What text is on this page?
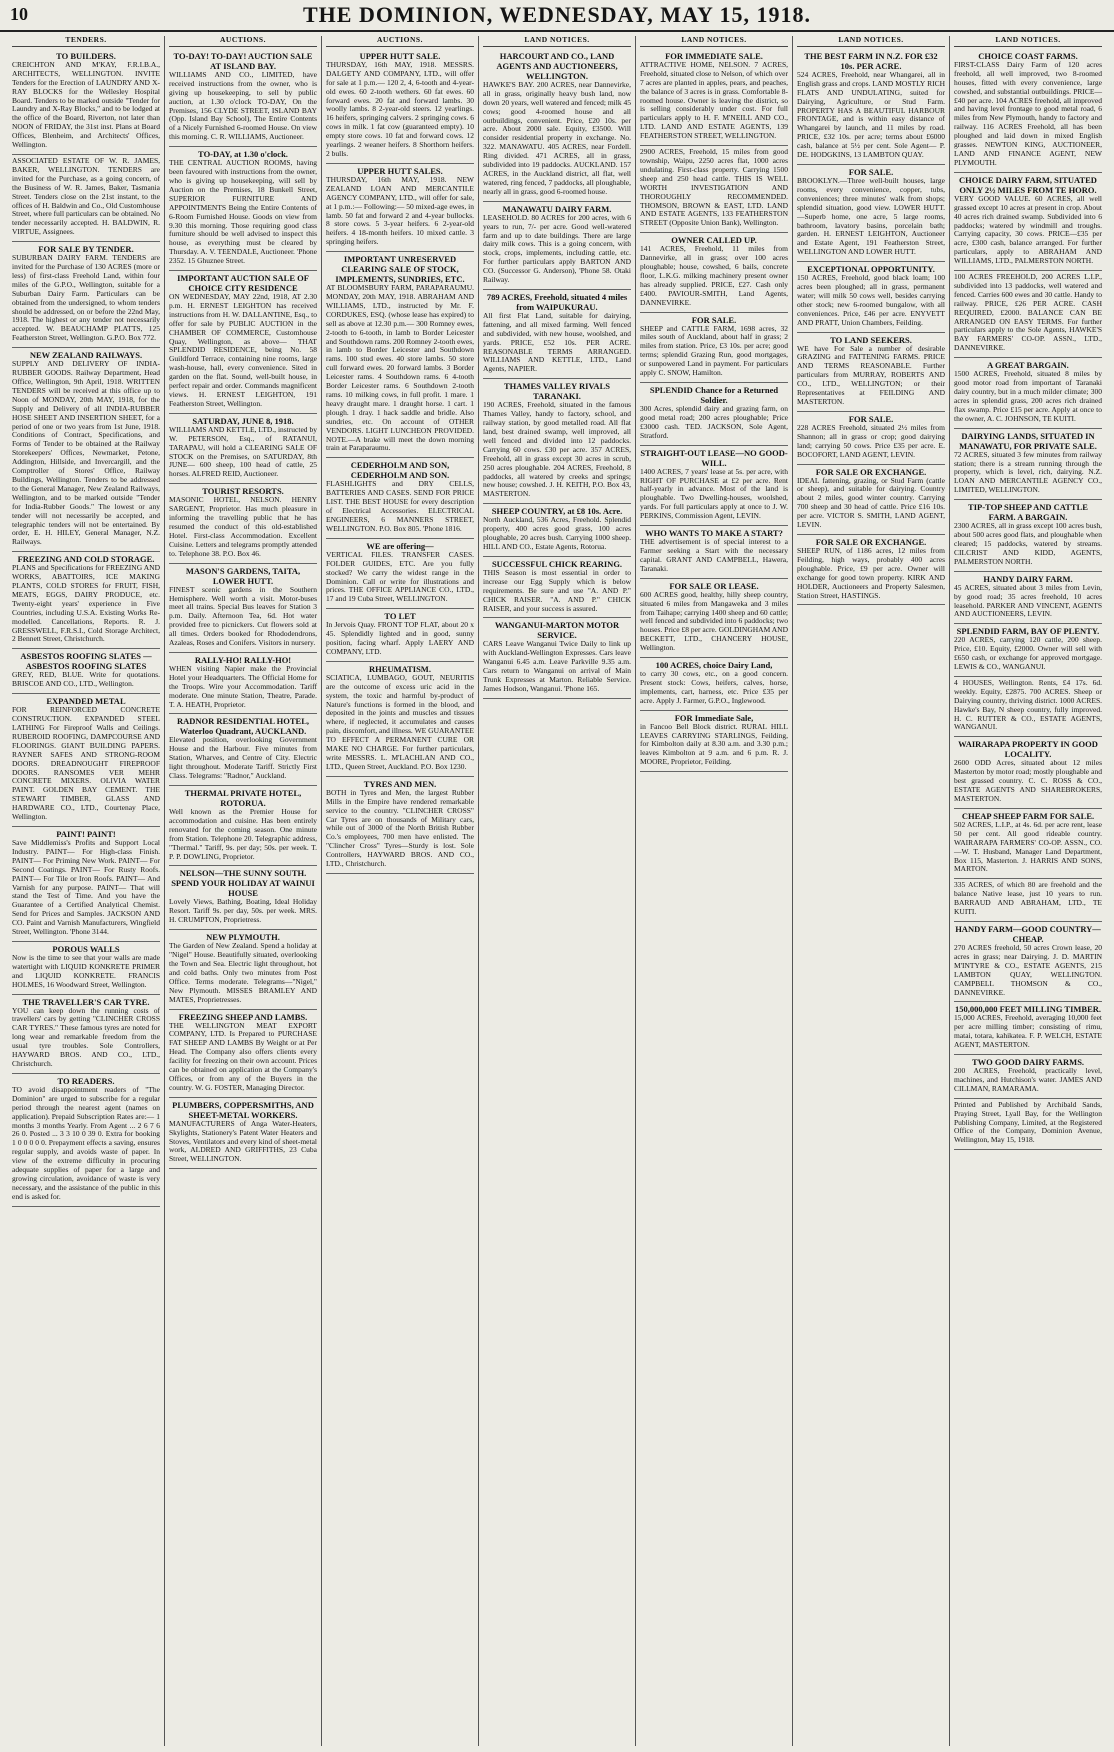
10	THE DOMINION, WEDNESDAY, MAY 15, 1918.
TENDERS.
TO BUILDERS.

CREICHTON AND M'KAY, F.R.I.B.A., ARCHITECTS, WELLINGTON. INVITE Tenders for the Erection of LAUNDRY AND X-RAY BLOCKS for the Wellesley Hospital Board. Tenders to be marked outside "Tender for Laundry and X-Ray Blocks," and to be lodged at the office of the Board, Riverton, not later than NOON of FRIDAY, the 31st inst. Plans at Board Offices, Blenheim, and Architects' Offices, Wellington.

ASSOCIATED ESTATE OF W. R. JAMES, BAKER, WELLINGTON. TENDERS are invited for the Purchase, as a going concern, of the Business of W. R. James, Baker, Tasmania Street. Tenders close on the 21st instant, to the offices of H. Baldwin and Co., Old Customhouse Street, where full particulars can be obtained. No tender necessarily accepted. H. BALDWIN, R. VIRTUE, Assignees.

FOR SALE BY TENDER.

SUBURBAN DAIRY FARM. TENDERS are invited for the Purchase of 130 ACRES (more or less) of first-class Freehold Land, within four miles of the G.P.O., Wellington, suitable for a Suburban Dairy Farm. Particulars can be obtained from the undersigned, to whom tenders should be addressed, on or before the 22nd May, 1918. The highest or any tender not necessarily accepted. W. BEAUCHAMP PLATTS, 125 Featherston Street, Wellington. G.P.O. Box 772.

NEW ZEALAND RAILWAYS.

SUPPLY AND DELIVERY OF INDIA-RUBBER GOODS. Railway Department, Head Office, Wellington, 9th April, 1918. WRITTEN TENDERS will be received at this office up to Noon of MONDAY, 20th MAY, 1918, for the Supply and Delivery of all INDIA-RUBBER HOSE SHEET AND INSERTION SHEET, for a period of one or two years from 1st June, 1918. Conditions of Contract, Specifications, and Forms of Tender to be obtained at the Railway Storekeepers' Offices, Newmarket, Petone, Addington, Hillside, and Invercargill, and the Comptroller of Stores' Office, Railway Buildings, Wellington. Tenders to be addressed to the General Manager, New Zealand Railways, Wellington, and to be marked outside "Tender for India-Rubber Goods." The lowest or any tender will not necessarily be accepted, and telegraphic tenders will not be entertained. By order, E. H. HILEY, General Manager, N.Z. Railways.

FREEZING AND COLD STORAGE.

PLANS and Specifications for FREEZING AND WORKS, ABATTOIRS, ICE MAKING PLANTS, COLD STORES for FRUIT, FISH, MEATS, EGGS, DAIRY PRODUCE, etc. Twenty-eight years' experience in Five Countries, including U.S.A. Existing Works Re-modelled. Cancellations, Reports. R. J. GRESSWELL, F.R.S.I., Cold Storage Architect, 2 Bennett Street, Christchurch.

ASBESTOS ROOFING SLATES — ASBESTOS ROOFING SLATES

GREY, RED, BLUE. Write for quotations. BRISCOE AND CO., LTD., Wellington.

EXPANDED METAL

FOR REINFORCED CONCRETE CONSTRUCTION. EXPANDED STEEL LATHING For Fireproof Walls and Ceilings. RUBEROID ROOFING, DAMPCOURSE AND FLOORINGS. GIANT BUILDING PAPERS. RAYNER SAFES AND STRONG-ROOM DOORS. DREADNOUGHT FIREPROOF DOORS. RANSOMES VER MEHR CONCRETE MIXERS. OLIVIA WATER PAINT. GOLDEN BAY CEMENT. THE STEWART TIMBER, GLASS AND HARDWARE CO., LTD., Courtenay Place, Wellington.

PAINT! PAINT!

Save Middlemiss's Profits and Support Local Industry. PAINT— For High-class Finish. PAINT— For Priming New Work. PAINT— For Second Coatings. PAINT— For Rusty Roofs. PAINT— For Tile or Iron Roofs. PAINT— And Varnish for any purpose. PAINT— That will stand the Test of Time. And you have the Guarantee of a Certified Analytical Chemist. Send for Prices and Samples. JACKSON AND CO. Paint and Varnish Manufacturers, Wingfield Street, Wellington. 'Phone 3144.

POROUS WALLS

Now is the time to see that your walls are made watertight with LIQUID KONKRETE PRIMER and LIQUID KONKRETE. FRANCIS HOLMES, 16 Woodward Street, Wellington.

THE TRAVELLER'S CAR TYRE.

YOU can keep down the running costs of travellers' cars by getting "CLINCHER CROSS CAR TYRES." These famous tyres are noted for long wear and remarkable freedom from the usual tyre troubles. Sole Controllers, HAYWARD BROS. AND CO., LTD., Christchurch.

TO READERS.

TO avoid disappointment readers of "The Dominion" are urged to subscribe for a regular period through the nearest agent (names on application). Prepaid Subscription Rates are:— 1 months 3 months Yearly. From Agent ... 2 6 7 6 26 0. Posted ... 3 3 10 0 39 0. Extra for booking 1 0 0 0 0 0. Prepayment effects a saving, ensures regular supply, and avoids waste of paper. In view of the extreme difficulty in procuring adequate supplies of paper for a large and growing circulation, avoidance of waste is very necessary, and the assistance of the public in this end is asked for.

AUCTIONS.
TO-DAY! TO-DAY! AUCTION SALE AT ISLAND BAY.

WILLIAMS AND CO., LIMITED, have received instructions from the owner, who is giving up housekeeping, to sell by public auction, at 1.30 o'clock TO-DAY, On the Premises, 156 CLYDE STREET, ISLAND BAY (Opp. Island Bay School), The Entire Contents of a Nicely Furnished 6-roomed House. On view this morning. C. R. WILLIAMS, Auctioneer.

TO-DAY, at 1.30 o'clock.

THE CENTRAL AUCTION ROOMS, having been favoured with instructions from the owner, who is giving up housekeeping, will sell by Auction on the Premises, 18 Bunkell Street, SUPERIOR FURNITURE AND APPOINTMENTS Being the Entire Contents of 6-Room Furnished House. Goods on view from 9.30 this morning. Those requiring good class furniture should be well advised to inspect this house, as everything must be cleared by Thursday. A. V. TEENDALE, Auctioneer. 'Phone 2352. 15 Ghuznee Street.

IMPORTANT AUCTION SALE OF CHOICE CITY RESIDENCE

ON WEDNESDAY, MAY 22nd, 1918, AT 2.30 p.m. H. ERNEST LEIGHTON has received instructions from H. W. DALLANTINE, Esq., to offer for sale by PUBLIC AUCTION in the CHAMBER OF COMMERCE, Customhouse Quay, Wellington, as above— THAT SPLENDID RESIDENCE, being No. 58 Guildford Terrace, containing nine rooms, large wash-house, hall, every convenience. Sited in garden on the flat. Sound, well-built house, in perfect repair and order. Commands magnificent views. H. ERNEST LEIGHTON, 191 Featherston Street, Wellington.

SATURDAY, JUNE 8, 1918.

WILLIAMS AND KETTLE, LTD., instructed by W. PETERSON, Esq., of RATANUI, TARAPAU, will hold a CLEARING SALE OF STOCK on the Premises, on SATURDAY, 8th JUNE— 600 sheep, 100 head of cattle, 25 horses. ALFRED REID, Auctioneer.

TOURIST RESORTS.

MASONIC HOTEL, NELSON. HENRY SARGENT, Proprietor. Has much pleasure in informing the travelling public that he has resumed the conduct of this old-established Hotel. First-class Accommodation. Excellent Cuisine. Letters and telegrams promptly attended to. Telephone 38. P.O. Box 46.

MASON'S GARDENS, TAITA, LOWER HUTT.

FINEST scenic gardens in the Southern Hemisphere. Well worth a visit. Motor-buses meet all trains. Special Bus leaves for Station 3 p.m. Daily. Afternoon Tea, 6d. Hot water provided free to picnickers. Cut flowers sold at all times. Orders booked for Rhododendrons, Azaleas, Roses and Conifers. Visitors in nursery.

RALLY-HO! RALLY-HO!

WHEN visiting Napier make the Provincial Hotel your Headquarters. The Official Home for the Troops. Wire your Accommodation. Tariff moderate. One minute Station, Theatre, Parade. T. A. HEATH, Proprietor.

RADNOR RESIDENTIAL HOTEL, Waterloo Quadrant, AUCKLAND.

Elevated position, overlooking Government House and the Harbour. Five minutes from Station, Wharves, and Centre of City. Electric light throughout. Moderate Tariff. Strictly First Class. Telegrams: "Radnor," Auckland.

THERMAL PRIVATE HOTEL, ROTORUA.

Well known as the Premier House for accommodation and cuisine. Has been entirely renovated for the coming season. One minute from Station. Telephone 20. Telegraphic address, "Thermal." Tariff, 9s. per day; 50s. per week. T. P. P. DOWLING, Proprietor.

NELSON—THE SUNNY SOUTH. SPEND YOUR HOLIDAY AT WAINUI HOUSE

Lovely Views, Bathing, Boating, Ideal Holiday Resort. Tariff 9s. per day, 50s. per week. MRS. H. CRUMPTON, Proprietress.

NEW PLYMOUTH.

The Garden of New Zealand. Spend a holiday at "Nigel" House. Beautifully situated, overlooking the Town and Sea. Electric light throughout, hot and cold baths. Only two minutes from Post Office. Terms moderate. Telegrams—"Nigel," New Plymouth. MISSES BRAMLEY AND MATES, Proprietresses.

FREEZING SHEEP AND LAMBS.

THE WELLINGTON MEAT EXPORT COMPANY, LTD. Is Prepared to PURCHASE FAT SHEEP AND LAMBS By Weight or at Per Head. The Company also offers clients every facility for freezing on their own account. Prices can be obtained on application at the Company's Offices, or from any of the Buyers in the country. W. G. FOSTER, Managing Director.

PLUMBERS, COPPERSMITHS, AND SHEET-METAL WORKERS.

MANUFACTURERS of Anga Water-Heaters, Skylights, Stationery's Patent Water Heaters and Stoves, Ventilators and every kind of sheet-metal work, ALDRED AND GRIFFITHS, 23 Cuba Street, WELLINGTON.

AUCTIONS.
UPPER HUTT SALE.

THURSDAY, 16th MAY, 1918. MESSRS. DALGETY AND COMPANY, LTD., will offer for sale at 1 p.m.— 120 2, 4, 6-tooth and 4-year-old ewes. 60 2-tooth wethers. 60 fat ewes. 60 forward ewes. 20 fat and forward lambs. 30 woolly lambs. 8 2-year-old steers. 12 yearlings. 16 heifers, springing calvers. 2 springing cows. 6 cows in milk. 1 fat cow (guaranteed empty). 10 empty store cows. 10 fat and forward cows. 12 yearlings. 2 weaner heifers. 8 Shorthorn heifers. 2 bulls.

UPPER HUTT SALES.

THURSDAY, 16th MAY, 1918. NEW ZEALAND LOAN AND MERCANTILE AGENCY COMPANY, LTD., will offer for sale, at 1 p.m.:— Following:— 50 mixed-age ewes, in lamb. 50 fat and forward 2 and 4-year bullocks. 8 store cows. 5 3-year heifers. 6 2-year-old heifers. 4 18-month heifers. 10 mixed cattle. 3 springing heifers.

IMPORTANT UNRESERVED CLEARING SALE OF STOCK, IMPLEMENTS, SUNDRIES, ETC.

AT BLOOMSBURY FARM, PARAPARAUMU. MONDAY, 20th MAY, 1918. ABRAHAM AND WILLIAMS, LTD., instructed by Mr. F. CORDUKES, ESQ. (whose lease has expired) to sell as above at 12.30 p.m.— 300 Romney ewes, 2-tooth to 6-tooth, in lamb to Border Leicester and Southdown rams. 200 Romney 2-tooth ewes, in lamb to Border Leicester and Southdown rams. 100 stud ewes. 40 store lambs. 50 store cull forward ewes. 20 forward lambs. 3 Border Leicester rams. 4 Southdown rams. 6 4-tooth Border Leicester rams. 6 Southdown 2-tooth rams. 10 milking cows, in full profit. 1 mare. 1 heavy draught mare. 1 draught horse. 1 cart. 1 plough. 1 dray. 1 hack saddle and bridle. Also sundries, etc. On account of OTHER VENDORS. LIGHT LUNCHEON PROVIDED. NOTE.—A brake will meet the down morning train at Paraparaumu.

CEDERHOLM AND SON, CEDERHOLM AND SON.

FLASHLIGHTS and DRY CELLS, BATTERIES AND CASES. SEND FOR PRICE LIST. THE BEST HOUSE for every description of Electrical Accessories. ELECTRICAL ENGINEERS, 6 MANNERS STREET, WELLINGTON. P.O. Box 805. 'Phone 1816.

WE are offering—

VERTICAL FILES. TRANSFER CASES. FOLDER GUIDES, ETC. Are you fully stocked? We carry the widest range in the Dominion. Call or write for illustrations and prices. THE OFFICE APPLIANCE CO., LTD., 17 and 19 Cuba Street, WELLINGTON.

TO LET

In Jervois Quay. FRONT TOP FLAT, about 20 x 45. Splendidly lighted and in good, sunny position, facing wharf. Apply LAERY AND COMPANY, LTD.

RHEUMATISM.

SCIATICA, LUMBAGO, GOUT, NEURITIS are the outcome of excess uric acid in the system, the toxic and harmful by-product of Nature's functions is formed in the blood, and deposited in the joints and muscles and tissues where, if neglected, it accumulates and causes pain, discomfort, and illness. WE GUARANTEE TO EFFECT A PERMANENT CURE OR MAKE NO CHARGE. For further particulars, write MESSRS. L. M'LACHLAN AND CO., LTD., Queen Street, Auckland. P.O. Box 1230.

TYRES AND MEN.

BOTH in Tyres and Men, the largest Rubber Mills in the Empire have rendered remarkable service to the country. "CLINCHER CROSS" Car Tyres are on thousands of Military cars, while out of 3000 of the North British Rubber Co.'s employees, 700 men have enlisted. The "Clincher Cross" Tyres—Sturdy is lost. Sole Controllers, HAYWARD BROS. AND CO., LTD., Christchurch.

LAND NOTICES.
HARCOURT AND CO., LAND AGENTS AND AUCTIONEERS, WELLINGTON.

HAWKE'S BAY. 200 ACRES, near Dannevirke, all in grass, originally heavy bush land, now down 20 years, well watered and fenced; milk 45 cows; good 4-roomed house and all outbuildings, convenient. Price, £20 10s. per acre. About 2000 sale. Equity, £3500. Will consider residential property in exchange. No. 322. MANAWATU. 405 ACRES, near Fordell. Ring divided. 471 ACRES, all in grass, subdivided into 19 paddocks. AUCKLAND. 157 ACRES, in the Auckland district, all flat, well watered, ring fenced, 7 paddocks, all ploughable, nearly all in grass, good 6-roomed house.

MANAWATU DAIRY FARM.

LEASEHOLD. 80 ACRES for 200 acres, with 6 years to run, 7/- per acre. Good well-watered farm and up to date buildings. There are large dairy milk cows. This is a going concern, with stock, crops, implements, including cattle, etc. For further particulars apply BARTON AND CO. (Successor G. Anderson), 'Phone 58. Otaki Railway.

789 ACRES, Freehold, situated 4 miles from WAIPUKURAU.

All first Flat Land, suitable for dairying, fattening, and all mixed farming. Well fenced and subdivided, with new house, woolshed, and yards. PRICE, £52 10s. PER ACRE. REASONABLE TERMS ARRANGED. WILLIAMS AND KETTLE, LTD., Land Agents, NAPIER.

THAMES VALLEY RIVALS TARANAKI.

190 ACRES, Freehold, situated in the famous Thames Valley, handy to factory, school, and railway station, by good metalled road. All flat land, best drained swamp, well improved, all well fenced and divided into 12 paddocks. Carrying 60 cows. £30 per acre. 357 ACRES, Freehold, all in grass except 30 acres in scrub, 250 acres ploughable. 204 ACRES, Freehold, 8 paddocks, all watered by creeks and springs; new house; cowshed. J. H. KEITH, P.O. Box 43, MASTERTON.

SHEEP COUNTRY, at £8 10s. Acre.

North Auckland, 536 Acres, Freehold. Splendid property, 400 acres good grass, 100 acres ploughable, 20 acres bush. Carrying 1000 sheep. HILL AND CO., Estate Agents, Rotorua.

SUCCESSFUL CHICK REARING.

THIS Season is most essential in order to increase our Egg Supply which is below requirements. Be sure and use "A. AND P." CHICK RAISER. "A. AND P." CHICK RAISER, and your success is assured.

WANGANUI-MARTON MOTOR SERVICE.

CARS Leave Wanganui Twice Daily to link up with Auckland-Wellington Expresses. Cars leave Wanganui 6.45 a.m. Leave Parkville 9.35 a.m. Cars return to Wanganui on arrival of Main Trunk Expresses at Marton. Reliable Service. James Hodson, Wanganui. 'Phone 165.

LAND NOTICES.
FOR IMMEDIATE SALE.

ATTRACTIVE HOME, NELSON. 7 ACRES, Freehold, situated close to Nelson, of which over 7 acres are planted in apples, pears, and peaches, the balance of 3 acres is in grass. Comfortable 8-roomed house. Owner is leaving the district, so is selling considerably under cost. For full particulars apply to H. F. M'NEILL AND CO., LTD. LAND AND ESTATE AGENTS, 139 FEATHERSTON STREET, WELLINGTON.

2900 ACRES, Freehold, 15 miles from good township, Waipu, 2250 acres flat, 1000 acres undulating. First-class property. Carrying 1500 sheep and 250 head cattle. THIS IS WELL WORTH INVESTIGATION AND THOROUGHLY RECOMMENDED. THOMSON, BROWN & EAST, LTD. LAND AND ESTATE AGENTS, 133 FEATHERSTON STREET (Opposite Union Bank), Wellington.

OWNER CALLED UP.

141 ACRES, Freehold, 11 miles from Dannevirke, all in grass; over 100 acres ploughable; house, cowshed, 6 bails, concrete floor, L.K.G. milking machinery present owner has already supplied. PRICE, £27. Cash only £400. PAVIOUR-SMITH, Land Agents, DANNEVIRKE.

FOR SALE.

SHEEP and CATTLE FARM, 1698 acres, 32 miles south of Auckland, about half in grass; 2 miles from station. Price, £3 10s. per acre; good terms; splendid Grazing Run, good mortgages, or sunpowered Land in payment. For particulars apply C. SNOW, Hamilton.

SPLENDID Chance for a Returned Soldier.

300 Acres, splendid dairy and grazing farm, on good metal road; 200 acres ploughable; Price £3000 cash. TED. JACKSON, Sole Agent, Stratford.

STRAIGHT-OUT LEASE—NO GOOD-WILL.

1400 ACRES, 7 years' lease at 5s. per acre, with RIGHT OF PURCHASE at £2 per acre. Rent half-yearly in advance. Most of the land is ploughable. Two Dwelling-houses, woolshed, yards. For full particulars apply at once to J. W. PERKINS, Commission Agent, LEVIN.

WHO WANTS TO MAKE A START?

THE advertisement is of special interest to a Farmer seeking a Start with the necessary capital. GRANT AND CAMPBELL, Hawera, Taranaki.

FOR SALE OR LEASE.

600 ACRES good, healthy, hilly sheep country, situated 6 miles from Mangaweka and 3 miles from Taihape; carrying 1400 sheep and 60 cattle; well fenced and subdivided into 6 paddocks; two houses. Price £8 per acre. GOLDINGHAM AND BECKETT, LTD., CHANCERY HOUSE, Wellington.

100 ACRES, choice Dairy Land,

to carry 30 cows, etc., on a good concern. Present stock: Cows, heifers, calves, horse, implements, cart, harness, etc. Price £35 per acre. Apply J. Farmer, G.P.O., Inglewood.

FOR Immediate Sale,

in Fancoo Bell Block district. RURAL HILL LEAVES CARRYING STARLINGS, Feilding, for Kimbolton daily at 8.30 a.m. and 3.30 p.m.; leaves Kimbolton at 9 a.m. and 6 p.m. R. J. MOORE, Proprietor, Feilding.

LAND NOTICES.
THE BEST FARM IN N.Z. FOR £32 10s. PER ACRE.

524 ACRES, Freehold, near Whangarei, all in English grass and crops. LAND MOSTLY RICH FLATS AND UNDULATING, suited for Dairying, Agriculture, or Stud Farm. PROPERTY HAS A BEAUTIFUL HARBOUR FRONTAGE, and is within easy distance of Whangarei by launch, and 11 miles by road. PRICE, £32 10s. per acre; terms about £6000 cash, balance at 5½ per cent. Sole Agent— P. DE. HODGKINS, 13 LAMBTON QUAY.

FOR SALE.

BROOKLYN.—Three well-built houses, large rooms, every convenience, copper, tubs, conveniences; three minutes' walk from shops; splendid situation, good view. LOWER HUTT.—Superb home, one acre, 5 large rooms, bathroom, lavatory basins, porcelain bath; garden. H. ERNEST LEIGHTON, Auctioneer and Estate Agent, 191 Featherston Street, WELLINGTON AND LOWER HUTT.

EXCEPTIONAL OPPORTUNITY.

150 ACRES, Freehold, good black loam; 100 acres been ploughed; all in grass, permanent water; will milk 50 cows well, besides carrying other stock; new 6-roomed bungalow, with all conveniences. Price, £46 per acre. ENYVETT AND PRATT, Union Chambers, Feilding.

TO LAND SEEKERS.

WE have For Sale a number of desirable GRAZING and FATTENING FARMS. PRICE AND TERMS REASONABLE. Further particulars from MURRAY, ROBERTS AND CO., LTD., WELLINGTON; or their Representatives at FEILDING AND MASTERTON.

FOR SALE.

228 ACRES Freehold, situated 2½ miles from Shannon; all in grass or crop; good dairying land; carrying 50 cows. Price £35 per acre. E. BOCOFORT, LAND AGENT, LEVIN.

FOR SALE OR EXCHANGE.

IDEAL fattening, grazing, or Stud Farm (cattle or sheep), and suitable for dairying. Country about 2 miles, good winter country. Carrying 700 sheep and 30 head of cattle. Price £16 10s. per acre. VICTOR S. SMITH, LAND AGENT, LEVIN.

FOR SALE OR EXCHANGE.

SHEEP RUN, of 1186 acres, 12 miles from Feilding, high ways, probably 400 acres ploughable. Price, £9 per acre. Owner will exchange for good town property. KIRK AND HOLDER, Auctioneers and Property Salesmen, Station Street, HASTINGS.

LAND NOTICES.
CHOICE COAST FARMS.

FIRST-CLASS Dairy Farm of 120 acres freehold, all well improved, two 8-roomed houses, fitted with every convenience, large cowshed, and substantial outbuildings. PRICE—£40 per acre. 104 ACRES freehold, all improved and having level frontage to good metal road, 6 miles from New Plymouth, handy to factory and railway. 116 ACRES Freehold, all has been ploughed and laid down in mixed English grasses. NEWTON KING, AUCTIONEER, LAND AND FINANCE AGENT, NEW PLYMOUTH.

CHOICE DAIRY FARM, SITUATED ONLY 2½ MILES FROM TE HORO.

VERY GOOD VALUE. 60 ACRES, all well grassed except 10 acres at present in crop. About 40 acres rich drained swamp. Subdivided into 6 paddocks; watered by windmill and troughs. Carrying capacity, 30 cows. PRICE—£35 per acre, £300 cash, balance arranged. For further particulars, apply to ABRAHAM AND WILLIAMS, LTD., PALMERSTON NORTH.

100 ACRES FREEHOLD, 200 ACRES L.I.P., subdivided into 13 paddocks, well watered and fenced. Carries 600 ewes and 30 cattle. Handy to railway. PRICE, £26 PER ACRE. CASH REQUIRED, £2000. BALANCE CAN BE ARRANGED ON EASY TERMS. For further particulars apply to the Sole Agents, HAWKE'S BAY FARMERS' CO-OP. ASSN., LTD., DANNEVIRKE.

A GREAT BARGAIN.

1500 ACRES, Freehold, situated 8 miles by good motor road from important of Taranaki dairy country, but in a much milder climate; 300 acres in splendid grass, 200 acres rich drained flax swamp. Price £15 per acre. Apply at once to the owner, A. C. JOHNSON, TE KUITI.

DAIRYING LANDS, SITUATED IN MANAWATU, FOR PRIVATE SALE.

72 ACRES, situated 3 few minutes from railway station; there is a stream running through the property, which is level, rich, dairying. N.Z. LOAN AND MERCANTILE AGENCY CO., LIMITED, WELLINGTON.

TIP-TOP SHEEP AND CATTLE FARM. A BARGAIN.

2300 ACRES, all in grass except 100 acres bush, about 500 acres good flats, and ploughable when cleared; 15 paddocks, watered by streams. CILCRIST AND KIDD, AGENTS, PALMERSTON NORTH.

HANDY DAIRY FARM.

45 ACRES, situated about 3 miles from Levin, by good road; 35 acres freehold, 10 acres leasehold. PARKER AND VINCENT, AGENTS AND AUCTIONEERS, LEVIN.

SPLENDID FARM, BAY OF PLENTY.

220 ACRES, carrying 120 cattle, 200 sheep. Price, £10. Equity, £2000. Owner will sell with £650 cash, or exchange for approved mortgage. LEWIS & CO., WANGANUI.

4 HOUSES, Wellington. Rents, £4 17s. 6d. weekly. Equity, £2875. 700 ACRES. Sheep or Dairying country, thriving district. 1000 ACRES. Hawke's Bay, N sheep country, fully improved. H. C. RUTTER & CO., ESTATE AGENTS, WANGANUI.

WAIRARAPA PROPERTY IN GOOD LOCALITY.

2600 ODD Acres, situated about 12 miles Masterton by motor road; mostly ploughable and best grassed country. C. C. ROSS & CO., ESTATE AGENTS AND SHAREBROKERS, MASTERTON.

CHEAP SHEEP FARM FOR SALE.

502 ACRES, L.I.P., at 4s. 6d. per acre rent, lease 50 per cent. All good rideable country. WAIRARAPA FARMERS' CO-OP. ASSN., CO.—W. T. Husband, Manager Land Department, Box 115, Masterton. J. HARRIS AND SONS, MARTON.

335 ACRES, of which 80 are freehold and the balance Native lease, just 10 years to run. BARRAUD AND ABRAHAM, LTD., TE KUITI.

HANDY FARM—GOOD COUNTRY—CHEAP.

270 ACRES freehold, 50 acres Crown lease, 20 acres in grass; near Dairying. J. D. MARTIN M'INTYRE & CO., ESTATE AGENTS, 215 LAMBTON QUAY, WELLINGTON. CAMPBELL THOMSON & CO., DANNEVIRKE.

150,000,000 FEET MILLING TIMBER.

15,000 ACRES, Freehold, averaging 10,000 feet per acre milling timber; consisting of rimu, matai, totara, kahikatea. F. P. WELCH, ESTATE AGENT, MASTERTON.

TWO GOOD DAIRY FARMS.

200 ACRES, Freehold, practically level, machines, and Hutchison's water. JAMES AND CILLMAN, RAMARAMA.

Printed and Published by Archibald Sands, Praying Street, Lyall Bay, for the Wellington Publishing Company, Limited, at the Registered Office of the Company, Dominion Avenue, Wellington, May 15, 1918.
